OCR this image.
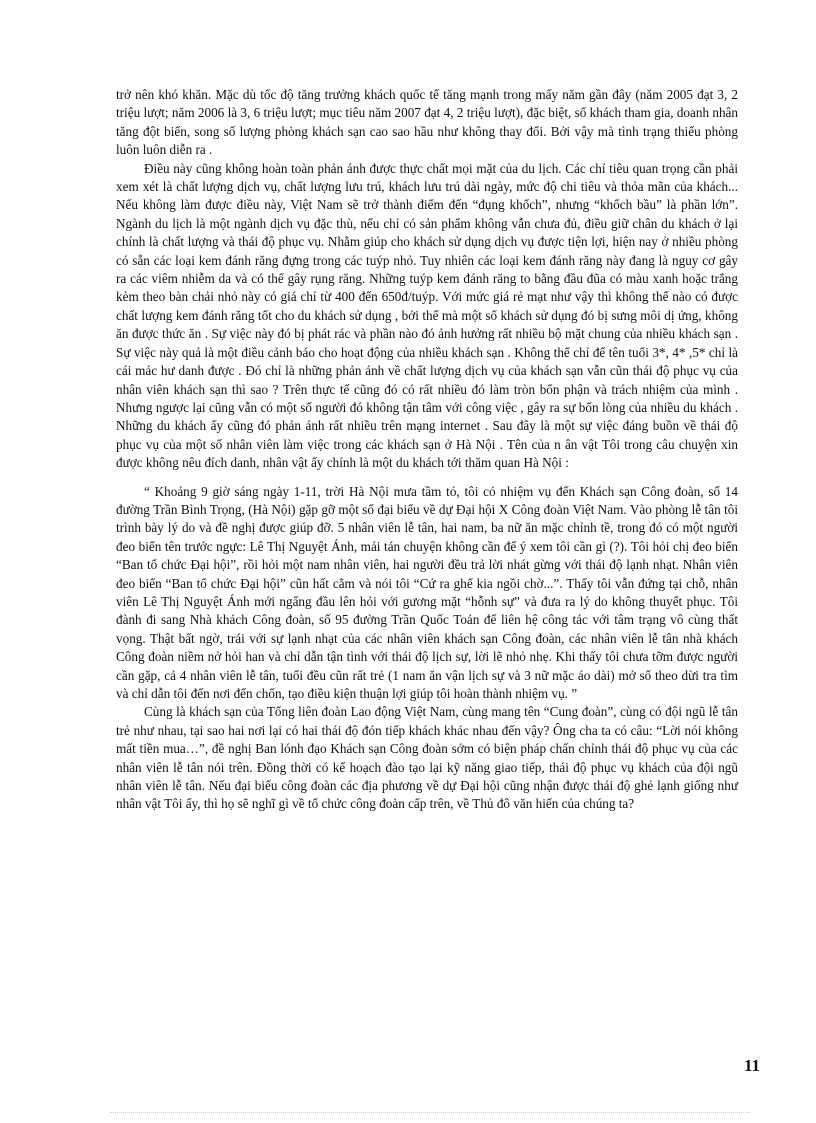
trở nên khó khăn. Mặc dù tốc độ tăng trưởng khách quốc tế tăng mạnh trong mấy năm gần đây (năm 2005 đạt 3, 2 triệu lượt; năm 2006 là 3, 6 triệu lượt; mục tiêu năm 2007 đạt 4, 2 triệu lượt), đặc biệt, số khách tham gia, doanh nhân tăng đột biến, song số lượng phòng khách sạn cao sao hầu như không thay đổi. Bởi vậy mà tình trạng thiếu phòng luôn luôn diễn ra .

Điều này cũng không hoàn toàn phản ánh được thực chất mọi mặt của du lịch. Các chỉ tiêu quan trọng cần phải xem xét là chất lượng dịch vụ, chất lượng lưu trú, khách lưu trú dài ngày, mức độ chi tiêu và thỏa mãn của khách... Nếu không làm được điều này, Việt Nam sẽ trở thành điểm đến “đụng khổch”, nhưng “khổch bầu” là phần lớn”. Ngành du lịch là một ngành dịch vụ đặc thù, nếu chỉ có sản phẩm không vẫn chưa đủ, điều giữ chân du khách ở lại chính là chất lượng và thái độ phục vụ. Nhằm giúp cho khách sử dụng dịch vụ được tiện lợi, hiện nay ở nhiều phòng có sẵn các loại kem đánh răng đựng trong các tuýp nhỏ. Tuy nhiên các loại kem đánh răng này đang là nguy cơ gây ra các viêm nhiễm da và có thể gây rụng răng. Những tuýp kem đánh răng to bằng đầu đũa có màu xanh hoặc trắng kèm theo bàn chải nhỏ này có giá chỉ từ 400 đến 650đ/tuýp. Với mức giá rẻ mạt như vậy thì không thể nào có được chất lượng kem đánh răng tốt cho du khách sử dụng , bởi thế mà một số khách sử dụng đó bị sưng môi dị ứng, không ăn được thức ăn . Sự việc này đó bị phát rác và phần nào đó ảnh hưởng rất nhiều bộ mặt chung của nhiều khách sạn . Sự việc này quả là một điều cảnh báo cho hoạt động của nhiều khách sạn . Không thể chỉ để tên tuổi 3*, 4* ,5* chỉ là cái mác hư danh được . Đó chỉ là những phản ánh về chất lượng dịch vụ của khách sạn vẫn cũn thái độ phục vụ của nhân viên khách sạn thì sao ? Trên thực tế cũng đó có rất nhiều đó làm tròn bổn phận và trách nhiệm của mình . Nhưng ngược lại cũng vẫn có một số người đó không tận tâm với công việc , gây ra sự bốn lòng của nhiều du khách . Những du khách ấy cũng đó phản ánh rất nhiều trên mạng internet . Sau đây là một sự việc đáng buồn về thái độ phục vụ của một số nhân viên làm việc trong các khách sạn ở Hà Nội . Tên của n ân vật Tôi trong câu chuyện xin được không nêu đích danh, nhân vật ấy chính là một du khách tới thăm quan Hà Nội :

“ Khoảng 9 giờ sáng ngày 1-11, trời Hà Nội mưa tầm tó, tôi có nhiệm vụ đến Khách sạn Công đoàn, số 14 đường Trần Bình Trọng, (Hà Nội) gặp gỡ một số đại biểu về dự Đại hội X Công đoàn Việt Nam. Vào phòng lễ tân tôi trình bày lý do và đề nghị được giúp đỡ. 5 nhân viên lễ tân, hai nam, ba nữ ăn mặc chỉnh tề, trong đó có một người đeo biển tên trước ngực: Lê Thị Nguyệt Ánh, mải tán chuyện không cần để ý xem tôi cần gì (?). Tôi hỏi chị đeo biển “Ban tổ chức Đại hội”, rồi hỏi một nam nhân viên, hai người đều trả lời nhát gừng với thái độ lạnh nhạt. Nhân viên đeo biển “Ban tổ chức Đại hội” cũn hất cằm và nói tôi “Cứ ra ghế kia ngồi chờ...”. Thấy tôi vẫn đứng tại chỗ, nhân viên Lê Thị Nguyệt Ánh mới ngẩng đầu lên hỏi với gương mặt “hỗnh sự” và đưa ra lý do không thuyết phục. Tôi đành đi sang Nhà khách Công đoàn, số 95 đường Trần Quốc Toản để liên hệ công tác với tâm trạng vô cùng thất vọng. Thật bất ngờ, trái với sự lạnh nhạt của các nhân viên khách sạn Công đoàn, các nhân viên lễ tân nhà khách Công đoàn niềm nở hỏi han và chỉ dẫn tận tình với thái độ lịch sự, lời lẽ nhỏ nhẹ. Khi thấy tôi chưa tỡm được người cần gặp, cả 4 nhân viên lễ tân, tuổi đều cũn rất trẻ (1 nam ăn vận lịch sự và 3 nữ mặc áo dài) mở sổ theo dừi tra tìm và chỉ dẫn tôi đến nơi đến chốn, tạo điều kiện thuận lợi giúp tôi hoàn thành nhiệm vụ. ”

Cùng là khách sạn của Tổng liên đoàn Lao động Việt Nam, cùng mang tên “Cung đoàn”, cùng có đội ngũ lễ tân trẻ như nhau, tại sao hai nơi lại có hai thái độ đón tiếp khách khác nhau đến vậy? Ông cha ta có câu: “Lời nói không mất tiền mua…”, đề nghị Ban lónh đạo Khách sạn Công đoàn sớm có biện pháp chấn chỉnh thái độ phục vụ của các nhân viên lễ tân nói trên. Đồng thời có kế hoạch đào tạo lại kỹ năng giao tiếp, thái độ phục vụ khách của đội ngũ nhân viên lễ tân. Nếu đại biểu công đoàn các địa phương về dự Đại hội cũng nhận được thái độ ghẻ lạnh giống như nhân vật Tôi ấy, thì họ sẽ nghĩ gì về tổ chức công đoàn cấp trên, về Thủ đô văn hiến của chúng ta?

11
